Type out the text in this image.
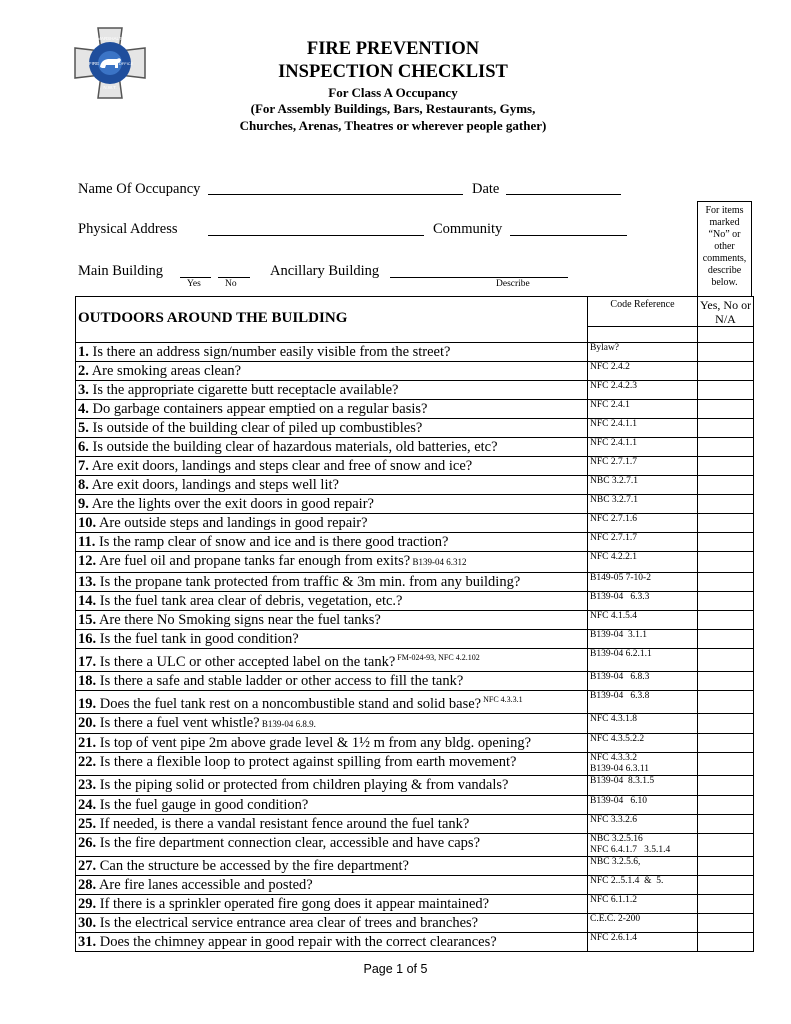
MARSHAL'S
FIRE	OFFICE
N.W.T.
FIRE PREVENTION
INSPECTION CHECKLIST
For Class A Occupancy
(For Assembly Buildings, Bars, Restaurants, Gyms,
Churches, Arenas, Theatres or wherever people gather)
Name Of Occupancy	Date
Physical Address	Community
Main Building
Yes	No
Ancillary Building
Describe
For items marked “No” or other comments, describe below.
OUTDOORS AROUND THE BUILDING	Code Reference	Yes, No or N/A

1. Is there an address sign/number easily visible from the street?	Bylaw?	
2. Are smoking areas clean?	NFC 2.4.2	
3. Is the appropriate cigarette butt receptacle available?	NFC 2.4.2.3	
4. Do garbage containers appear emptied on a regular basis?	NFC 2.4.1	
5. Is outside of the building clear of piled up combustibles?	NFC 2.4.1.1	
6. Is outside the building clear of hazardous materials, old batteries, etc?	NFC 2.4.1.1	
7. Are exit doors, landings and steps clear and free of snow and ice?	NFC 2.7.1.7	
8. Are exit doors, landings and steps well lit?	NBC 3.2.7.1	
9. Are the lights over the exit doors in good repair?	NBC 3.2.7.1	
10. Are outside steps and landings in good repair?	NFC 2.7.1.6	
11. Is the ramp clear of snow and ice and is there good traction?	NFC 2.7.1.7	
12. Are fuel oil and propane tanks far enough from exits? B139-04 6.312	NFC 4.2.2.1	
13. Is the propane tank protected from traffic & 3m min. from any building?	B149-05 7-10-2	
14. Is the fuel tank area clear of debris, vegetation, etc.?	B139-04   6.3.3	
15. Are there No Smoking signs near the fuel tanks?	NFC 4.1.5.4	
16. Is the fuel tank in good condition?	B139-04  3.1.1	
17. Is there a ULC or other accepted label on the tank? $^{FM-024-93, NFC 4.2.102}$	B139-04 6.2.1.1	
18. Is there a safe and stable ladder or other access to fill the tank?	B139-04   6.8.3	
19. Does the fuel tank rest on a noncombustible stand and solid base? $^{NFC 4.3.3.1}$	B139-04   6.3.8	
20. Is there a fuel vent whistle? B139-04 6.8.9.	NFC 4.3.1.8	
21. Is top of vent pipe 2m above grade level & 1½ m from any bldg. opening?	NFC 4.3.5.2.2	
22. Is there a flexible loop to protect against spilling from earth movement?	NFC 4.3.3.2
B139-04 6.3.11	
23. Is the piping solid or protected from children playing & from vandals?	B139-04  8.3.1.5	
24. Is the fuel gauge in good condition?	B139-04   6.10	
25. If needed, is there a vandal resistant fence around the fuel tank?	NFC 3.3.2.6	
26. Is the fire department connection clear, accessible and have caps?	NBC 3.2.5.16
NFC 6.4.1.7   3.5.1.4	
27. Can the structure be accessed by the fire department?	NBC 3.2.5.6,	
28. Are fire lanes accessible and posted?	NFC 2..5.1.4  &  5.	
29. If there is a sprinkler operated fire gong does it appear maintained?	NFC 6.1.1.2	
30. Is the electrical service entrance area clear of trees and branches?	C.E.C. 2-200	
31. Does the chimney appear in good repair with the correct clearances?	NFC 2.6.1.4	
Page 1 of 5
